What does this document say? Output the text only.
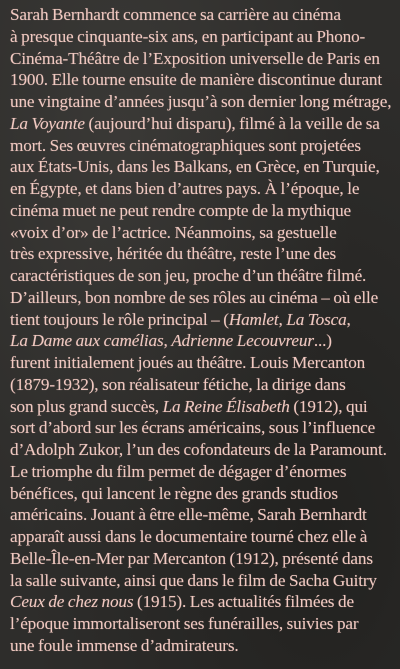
Sarah Bernhardt commence sa carrière au cinéma
à presque cinquante-six ans, en participant au Phono-
Cinéma-Théâtre de l’Exposition universelle de Paris en
1900. Elle tourne ensuite de manière discontinue durant
une vingtaine d’années jusqu’à son dernier long métrage,
La Voyante (aujourd’hui disparu), filmé à la veille de sa
mort. Ses œuvres cinématographiques sont projetées
aux États-Unis, dans les Balkans, en Grèce, en Turquie,
en Égypte, et dans bien d’autres pays. À l’époque, le
cinéma muet ne peut rendre compte de la mythique
«voix d’or» de l’actrice. Néanmoins, sa gestuelle
très expressive, héritée du théâtre, reste l’une des
caractéristiques de son jeu, proche d’un théâtre filmé.
D’ailleurs, bon nombre de ses rôles au cinéma – où elle
tient toujours le rôle principal – (Hamlet, La Tosca,
La Dame aux camélias, Adrienne Lecouvreur...)
furent initialement joués au théâtre. Louis Mercanton
(1879-1932), son réalisateur fétiche, la dirige dans
son plus grand succès, La Reine Élisabeth (1912), qui
sort d’abord sur les écrans américains, sous l’influence
d’Adolph Zukor, l’un des cofondateurs de la Paramount.
Le triomphe du film permet de dégager d’énormes
bénéfices, qui lancent le règne des grands studios
américains. Jouant à être elle-même, Sarah Bernhardt
apparaît aussi dans le documentaire tourné chez elle à
Belle-Île-en-Mer par Mercanton (1912), présenté dans
la salle suivante, ainsi que dans le film de Sacha Guitry
Ceux de chez nous (1915). Les actualités filmées de
l’époque immortaliseront ses funérailles, suivies par
une foule immense d’admirateurs.
